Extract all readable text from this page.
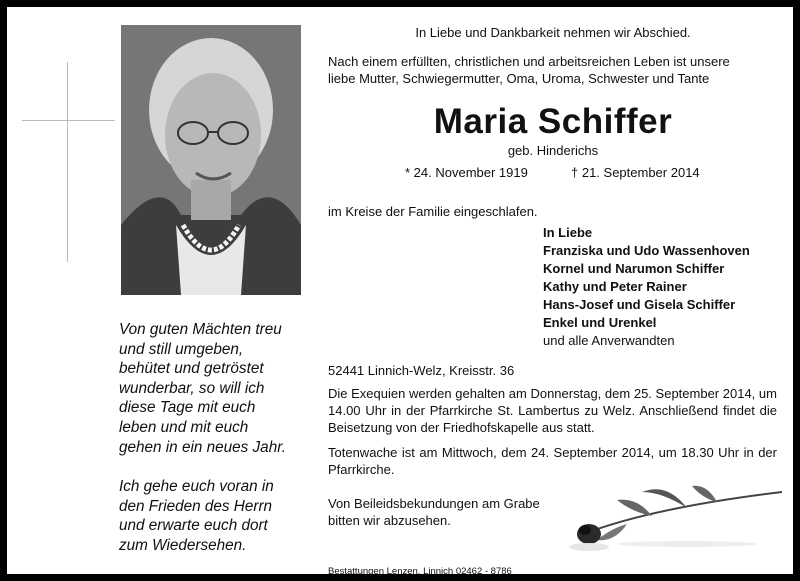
Von guten Mächten treu

und still umgeben,

behütet und getröstet

wunderbar, so will ich

diese Tage mit euch

leben und mit euch

gehen in ein neues Jahr.

Ich gehe euch voran in

den Frieden des Herrn

und erwarte euch dort

zum Wiedersehen.

In Liebe und Dankbarkeit nehmen wir Abschied.
Nach einem erfüllten, christlichen und arbeitsreichen Leben ist unsere
liebe Mutter, Schwiegermutter, Oma, Uroma, Schwester und Tante
Maria Schiffer
geb. Hinderichs
* 24. November 1919	† 21. September 2014
im Kreise der Familie eingeschlafen.
In Liebe
Franziska und Udo Wassenhoven
Kornel und Narumon Schiffer
Kathy und Peter Rainer
Hans-Josef und Gisela Schiffer
Enkel und Urenkel
und alle Anverwandten
52441 Linnich-Welz, Kreisstr. 36
Die Exequien werden gehalten am Donnerstag, dem 25. September 2014, um 14.00 Uhr in der Pfarrkirche St. Lambertus zu Welz. Anschließend findet die Beisetzung von der Friedhofskapelle aus statt.
Totenwache ist am Mittwoch, dem 24. September 2014, um 18.30 Uhr in der Pfarrkirche.
Von Beileidsbekundungen am Grabe
bitten wir abzusehen.
Bestattungen Lenzen, Linnich 02462 - 8786
